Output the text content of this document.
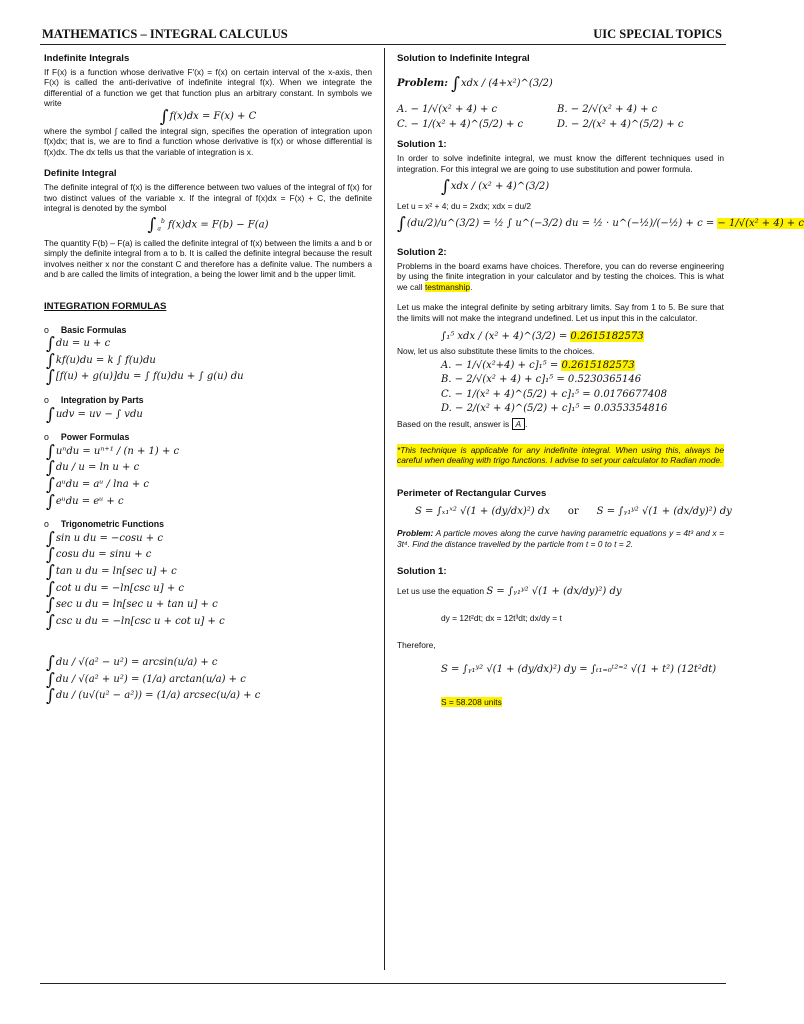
MATHEMATICS – INTEGRAL CALCULUS	UIC SPECIAL TOPICS
Indefinite Integrals

If F(x) is a function whose derivative F'(x) = f(x) on certain interval of the x-axis, then F(x) is called the anti-derivative of indefinite integral f(x). When we integrate the differential of a function we get that function plus an arbitrary constant. In symbols we write

∫f(x)dx = F(x) + C

where the symbol ∫ called the integral sign, specifies the operation of integration upon f(x)dx; that is, we are to find a function whose derivative is f(x) or whose differential is f(x)dx. The dx tells us that the variable of integration is x.

Definite Integral

The definite integral of f(x) is the difference between two values of the integral of f(x) for two distinct values of the variable x. If the integral of f(x)dx = F(x) + C, the definite integral is denoted by the symbol

$\int_a^b$ f(x)dx = F(b) − F(a)

The quantity F(b) – F(a) is called the definite integral of f(x) between the limits a and b or simply the definite integral from a to b. It is called the definite integral because the result involves neither x nor the constant C and therefore has a definite value. The numbers a and b are called the limits of integration, a being the lower limit and b the upper limit.

INTEGRATION FORMULAS
o Basic Formulas
∫du = u + c
∫kf(u)du = k ∫ f(u)du
∫[f(u) + g(u)]du = ∫ f(u)du + ∫ g(u) du
o Integration by Parts
∫udv = uv − ∫ vdu
o Power Formulas
∫uⁿdu = uⁿ⁺¹ / (n + 1) + c
∫du / u = ln u + c
∫aᵘdu = aᵘ / lna + c
∫eᵘdu = eᵘ + c
o Trigonometric Functions
∫sin u du = −cosu + c
∫cosu du = sinu + c
∫tan u du = ln[sec u] + c
∫cot u du = −ln[csc u] + c
∫sec u du = ln[sec u + tan u] + c
∫csc u du = −ln[csc u + cot u] + c
∫du / √(a² − u²) = arcsin(u/a) + c
∫du / √(a² + u²) = (1/a) arctan(u/a) + c
∫du / (u√(u² − a²)) = (1/a) arcsec(u/a) + c
Solution to Indefinite Integral
Problem: ∫xdx / (4+x²)^(3/2)
A. − 1/√(x² + 4) + c	B. − 2/√(x² + 4) + c
C. − 1/(x² + 4)^(5/2) + c	D. − 2/(x² + 4)^(5/2) + c
Solution 1:

In order to solve indefinite integral, we must know the different techniques used in integration. For this integral we are going to use substitution and power formula.

∫xdx / (x² + 4)^(3/2)
Let u = x² + 4; du = 2xdx; xdx = du/2
∫(du/2)/u^(3/2) = ½ ∫ u^(−3/2) du = ½ · u^(−½)/(−½) + c = − 1/√(x² + 4) + c
Solution 2:

Problems in the board exams have choices. Therefore, you can do reverse engineering by using the finite integration in your calculator and by testing the choices. This is what we call testmanship.

Let us make the integral definite by seting arbitrary limits. Say from 1 to 5. Be sure that the limits will not make the integrand undefined. Let us input this in the calculator.

∫₁⁵ xdx / (x² + 4)^(3/2) = 0.2615182573

Now, let us also substitute these limits to the choices.

A. − 1/√(x²+4) + c]₁⁵ = 0.2615182573
B. − 2/√(x² + 4) + c]₁⁵ = 0.5230365146
C. − 1/(x² + 4)^(5/2) + c]₁⁵ = 0.0176677408
D. − 2/(x² + 4)^(5/2) + c]₁⁵ = 0.0353354816
Based on the result, answer is A .

*This technique is applicable for any indefinite integral. When using this, always be careful when dealing with trigo functions. I advise to set your calculator to Radian mode.

Perimeter of Rectangular Curves
S = ∫ₓ₁ˣ² √(1 + (dy/dx)²) dx or S = ∫ᵧ₁ʸ² √(1 + (dx/dy)²) dy

Problem: A particle moves along the curve having parametric equations y = 4t³ and x = 3t⁴. Find the distance travelled by the particle from t = 0 to t = 2.

Solution 1:
Let us use the equation S = ∫ᵧ₁ʸ² √(1 + (dx/dy)²) dy
dy = 12t²dt; dx = 12t³dt; dx/dy = t
Therefore,
S = ∫ᵧ₁ʸ² √(1 + (dy/dx)²) dy = ∫ₜ₁₌₀ᵗ²⁼² √(1 + t²) (12t²dt)
S = 58.208 units
